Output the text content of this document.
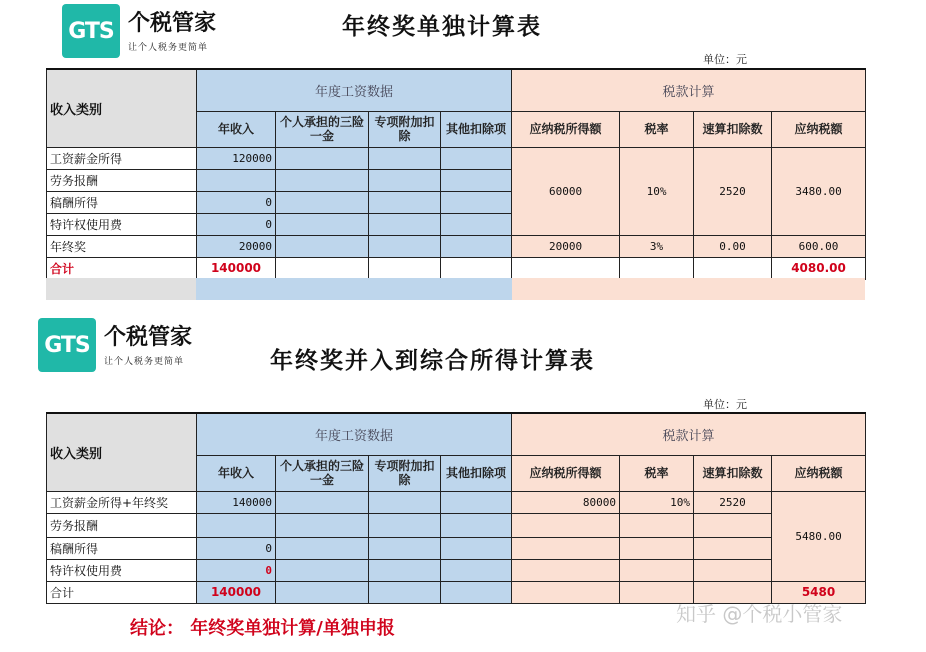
GTS 个税管家
让个人税务更简单
年终奖单独计算表
单位：元
收入类别	年度工资数据				税款计算			
	年收入	个人承担的三险一金	专项附加扣除	其他扣除项	应纳税所得额	税率	速算扣除数	应纳税额
工资薪金所得	120000				60000	10%	2520	3480.00
劳务报酬								
稿酬所得	0							
特许权使用费	0							
年终奖	20000				20000	3%	0.00	600.00
合计	140000							4080.00
GTS 个税管家
让个人税务更简单	年终奖并入到综合所得计算表
单位：元
收入类别	年度工资数据				税款计算			
	年收入	个人承担的三险一金	专项附加扣除	其他扣除项	应纳税所得额	税率	速算扣除数	应纳税额
工资薪金所得+年终奖	140000				80000	10%	2520	5480.00
劳务报酬								
稿酬所得	0							
特许权使用费	0							
合计	140000							5480
结论： 年终奖单独计算/单独申报
知乎 @个税小管家
